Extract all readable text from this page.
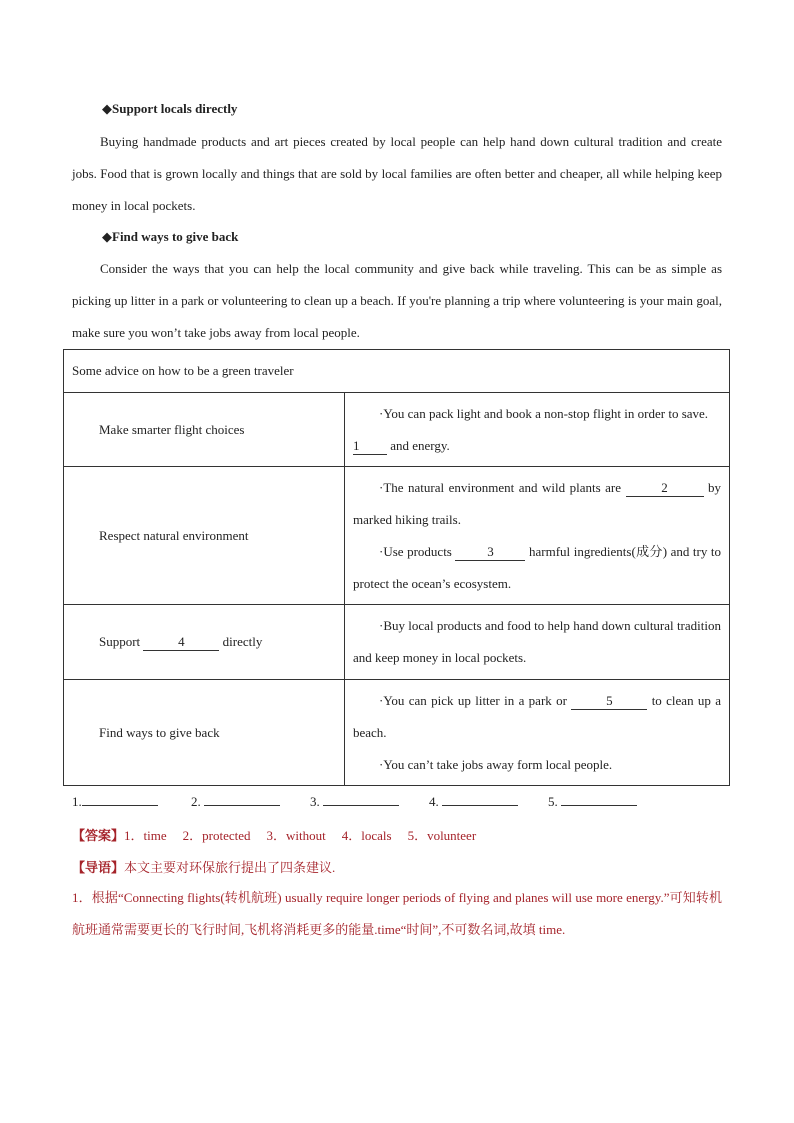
◆Support locals directly
Buying handmade products and art pieces created by local people can help hand down cultural tradition and create jobs. Food that is grown locally and things that are sold by local families are often better and cheaper, all while helping keep money in local pockets.
◆Find ways to give back
Consider the ways that you can help the local community and give back while traveling. This can be as simple as picking up litter in a park or volunteering to clean up a beach. If you're planning a trip where volunteering is your main goal, make sure you won’t take jobs away from local people.
Some advice on how to be a green traveler	
Make smarter flight choices	·You can pack light and book a non-stop flight in order to save.
1 and energy.
Respect natural environment	·The natural environment and wild plants are 2 by marked hiking trails.
·Use products 3 harmful ingredients(成分) and try to protect the ocean’s ecosystem.
Support 4 directly	·Buy local products and food to help hand down cultural tradition and keep money in local pockets.
Find ways to give back	·You can pick up litter in a park or 5 to clean up a beach.
·You can’t take jobs away form local people.
1.	2.	3.	4.	5.
【答案】1．time 2．protected 3．without 4．locals 5．volunteer
【导语】本文主要对环保旅行提出了四条建议.
1．根据“Connecting flights(转机航班) usually require longer periods of flying and planes will use more energy.”可知转机航班通常需要更长的飞行时间,飞机将消耗更多的能量.time“时间”,不可数名词,故填 time.
